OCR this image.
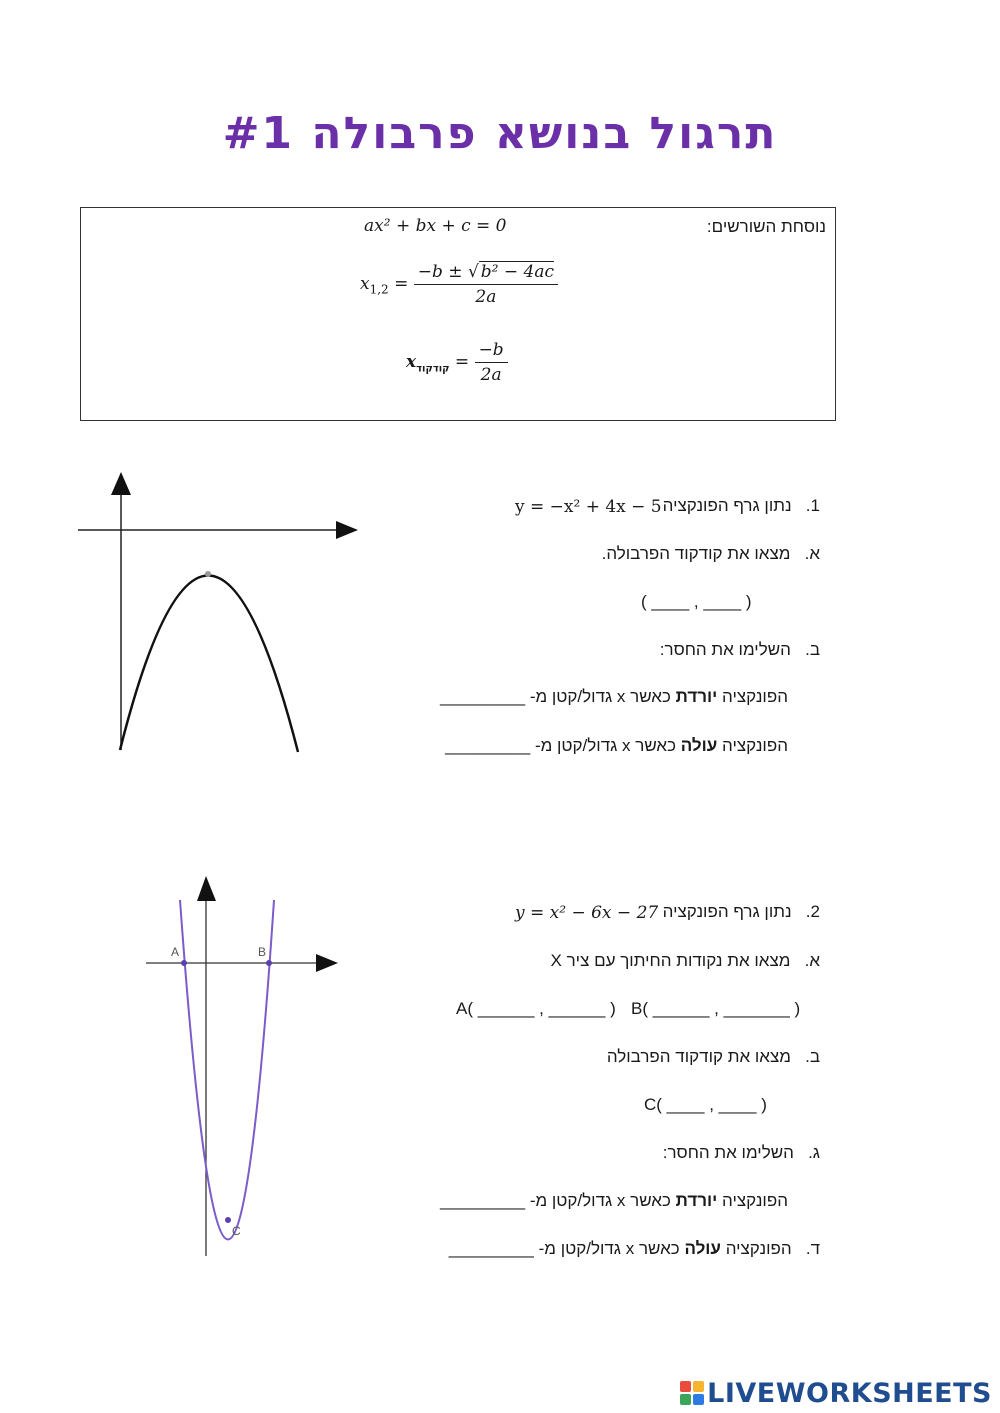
תרגול בנושא פרבולה #1
נוסחת השורשים:
ax² + bx + c = 0
$x_{1,2} = \frac{\text{−b ± √ b² − 4ac}}{2a}$
$x_{קודקוד} = \frac{-b}{2a}$
y = −x² + 4x − 5	1.   נתון גרף הפונקציה
א.   מצאו את קודקוד הפרבולה.
( ____ , ____ )
ב.   השלימו את החסר:
הפונקציה יורדת כאשר x גדול/קטן מ- _________
הפונקציה עולה כאשר x גדול/קטן מ- _________
A	B
C
y = x² − 6x − 27	2.   נתון גרף הפונקציה
א.   מצאו את נקודות החיתוך עם ציר X
A( ______ , ______ ) B( ______ , _______ )
ב.   מצאו את קודקוד הפרבולה
C( ____ , ____ )
ג.   השלימו את החסר:
הפונקציה יורדת כאשר x גדול/קטן מ- _________
ד.   הפונקציה עולה כאשר x גדול/קטן מ- _________
LIVEWORKSHEETS
